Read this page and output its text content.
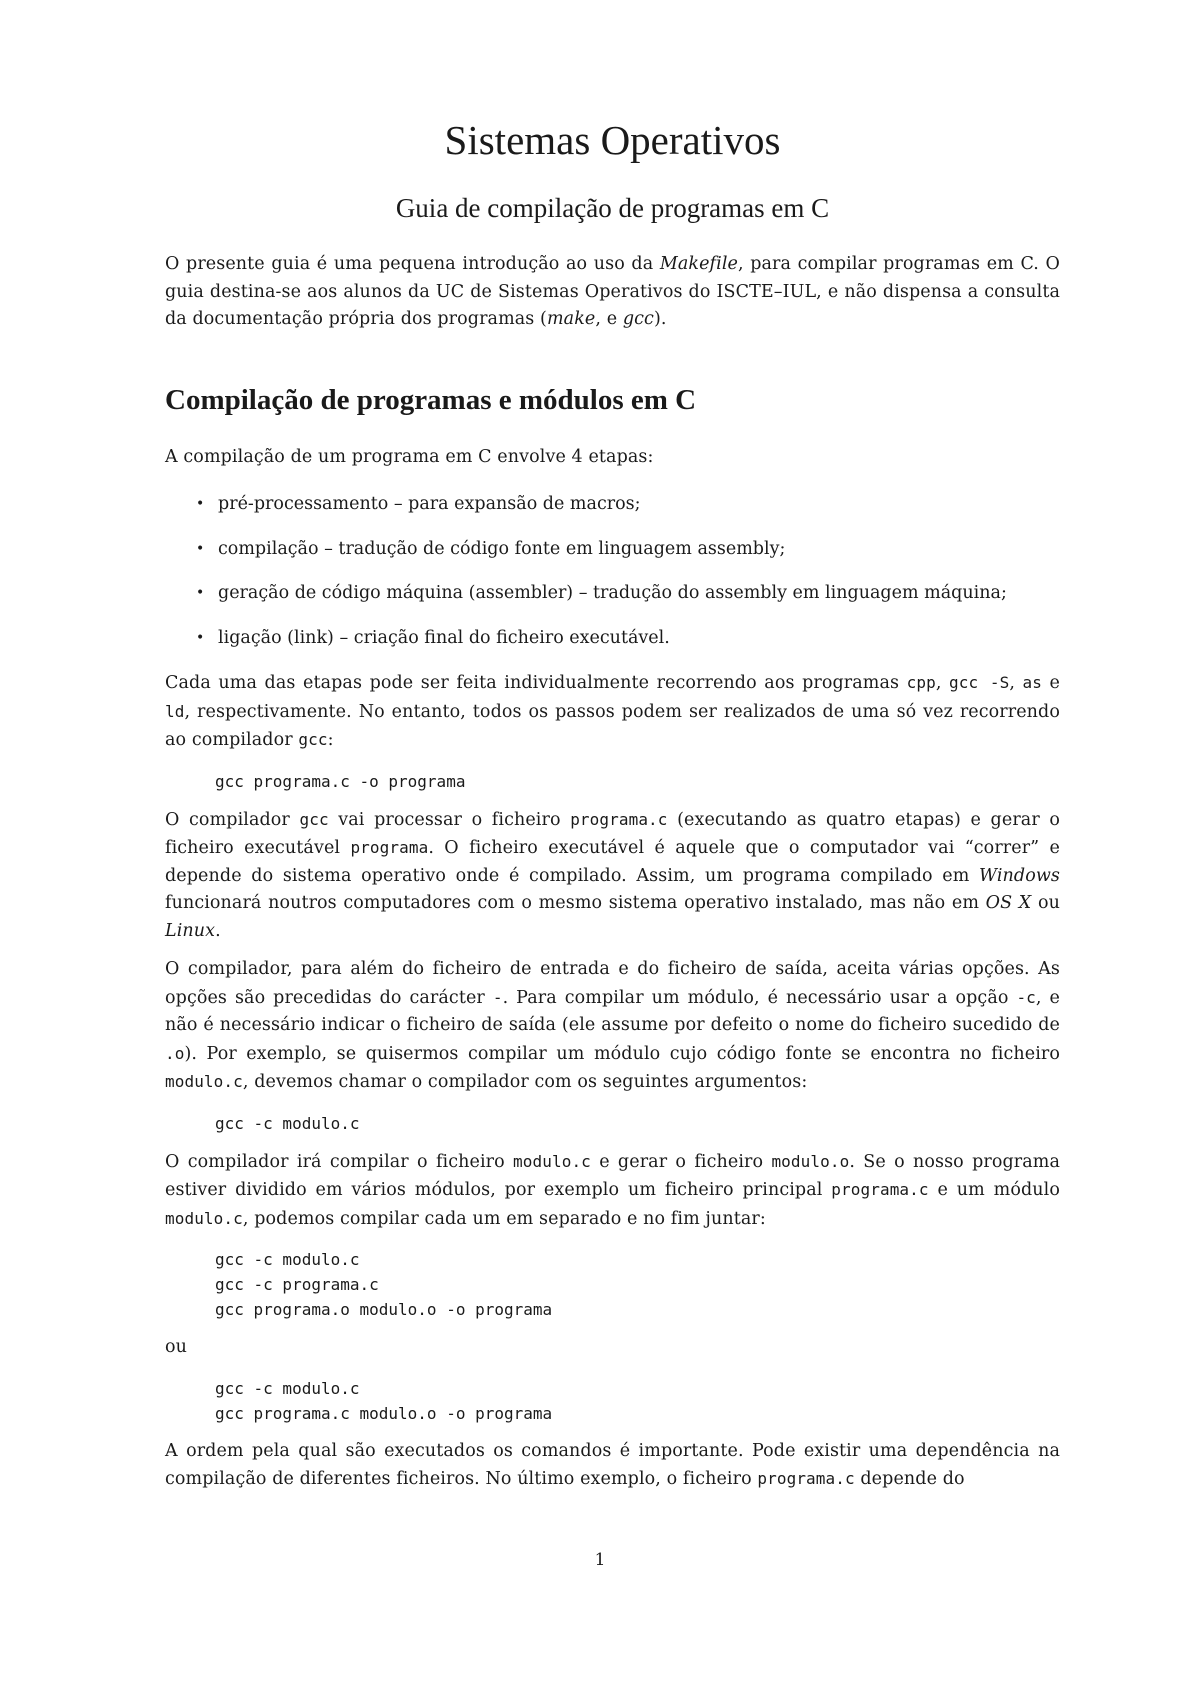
Sistemas Operativos
Guia de compilação de programas em C

O presente guia é uma pequena introdução ao uso da Makefile, para compilar programas em C. O guia destina-se aos alunos da UC de Sistemas Operativos do ISCTE–IUL, e não dispensa a consulta da documentação própria dos programas (make, e gcc).

Compilação de programas e módulos em C

A compilação de um programa em C envolve 4 etapas:

• pré-processamento – para expansão de macros;
• compilação – tradução de código fonte em linguagem assembly;
• geração de código máquina (assembler) – tradução do assembly em linguagem máquina;
• ligação (link) – criação final do ficheiro executável.

Cada uma das etapas pode ser feita individualmente recorrendo aos programas cpp, gcc -S, as e ld, respectivamente. No entanto, todos os passos podem ser realizados de uma só vez recorrendo ao compilador gcc:

gcc programa.c -o programa

O compilador gcc vai processar o ficheiro programa.c (executando as quatro etapas) e gerar o ficheiro executável programa. O ficheiro executável é aquele que o computador vai “correr” e depende do sistema operativo onde é compilado. Assim, um programa compilado em Windows funcionará noutros computadores com o mesmo sistema operativo instalado, mas não em OS X ou Linux.

O compilador, para além do ficheiro de entrada e do ficheiro de saída, aceita várias opções. As opções são precedidas do carácter -. Para compilar um módulo, é necessário usar a opção -c, e não é necessário indicar o ficheiro de saída (ele assume por defeito o nome do ficheiro sucedido de .o). Por exemplo, se quisermos compilar um módulo cujo código fonte se encontra no ficheiro modulo.c, devemos chamar o compilador com os seguintes argumentos:

gcc -c modulo.c

O compilador irá compilar o ficheiro modulo.c e gerar o ficheiro modulo.o. Se o nosso programa estiver dividido em vários módulos, por exemplo um ficheiro principal programa.c e um módulo modulo.c, podemos compilar cada um em separado e no fim juntar:

gcc -c modulo.c
gcc -c programa.c
gcc programa.o modulo.o -o programa

ou

gcc -c modulo.c
gcc programa.c modulo.o -o programa

A ordem pela qual são executados os comandos é importante. Pode existir uma dependência na compilação de diferentes ficheiros. No último exemplo, o ficheiro programa.c depende do

1
